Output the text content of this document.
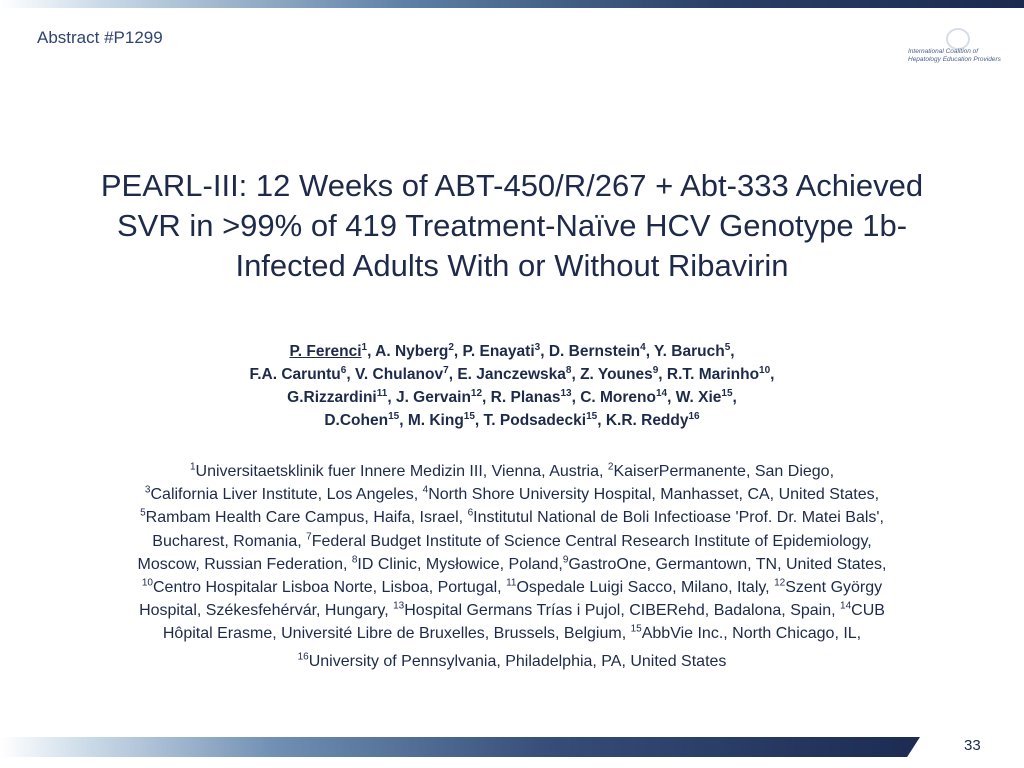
Abstract #P1299
International Coalition of
Hepatology Education Providers
PEARL-III: 12 Weeks of ABT-450/R/267 + Abt-333 Achieved
SVR in >99% of 419 Treatment-Naïve HCV Genotype 1b-
Infected Adults With or Without Ribavirin
P. Ferenci$^1$, A. Nyberg$^2$, P. Enayati$^3$, D. Bernstein$^4$, Y. Baruch$^5$,
F.A. Caruntu$^6$, V. Chulanov$^7$, E. Janczewska$^8$, Z. Younes$^9$, R.T. Marinho$^{10}$,
G.Rizzardini$^{11}$, J. Gervain$^{12}$, R. Planas$^{13}$, C. Moreno$^{14}$, W. Xie$^{15}$,
D.Cohen$^{15}$, M. King$^{15}$, T. Podsadecki$^{15}$, K.R. Reddy$^{16}$
$^1$Universitaetsklinik fuer Innere Medizin III, Vienna, Austria, $^2$KaiserPermanente, San Diego,
$^3$California Liver Institute, Los Angeles, $^4$North Shore University Hospital, Manhasset, CA, United States,
$^5$Rambam Health Care Campus, Haifa, Israel, $^6$Institutul National de Boli Infectioase 'Prof. Dr. Matei Bals',
Bucharest, Romania, $^7$Federal Budget Institute of Science Central Research Institute of Epidemiology,
Moscow, Russian Federation, $^8$ID Clinic, Mysłowice, Poland,$^9$GastroOne, Germantown, TN, United States,
$^{10}$Centro Hospitalar Lisboa Norte, Lisboa, Portugal, $^{11}$Ospedale Luigi Sacco, Milano, Italy, $^{12}$Szent György
Hospital, Székesfehérvár, Hungary, $^{13}$Hospital Germans Trías i Pujol, CIBERehd, Badalona, Spain, $^{14}$CUB
Hôpital Erasme, Université Libre de Bruxelles, Brussels, Belgium, $^{15}$AbbVie Inc., North Chicago, IL,
$^{16}$University of Pennsylvania, Philadelphia, PA, United States
33
